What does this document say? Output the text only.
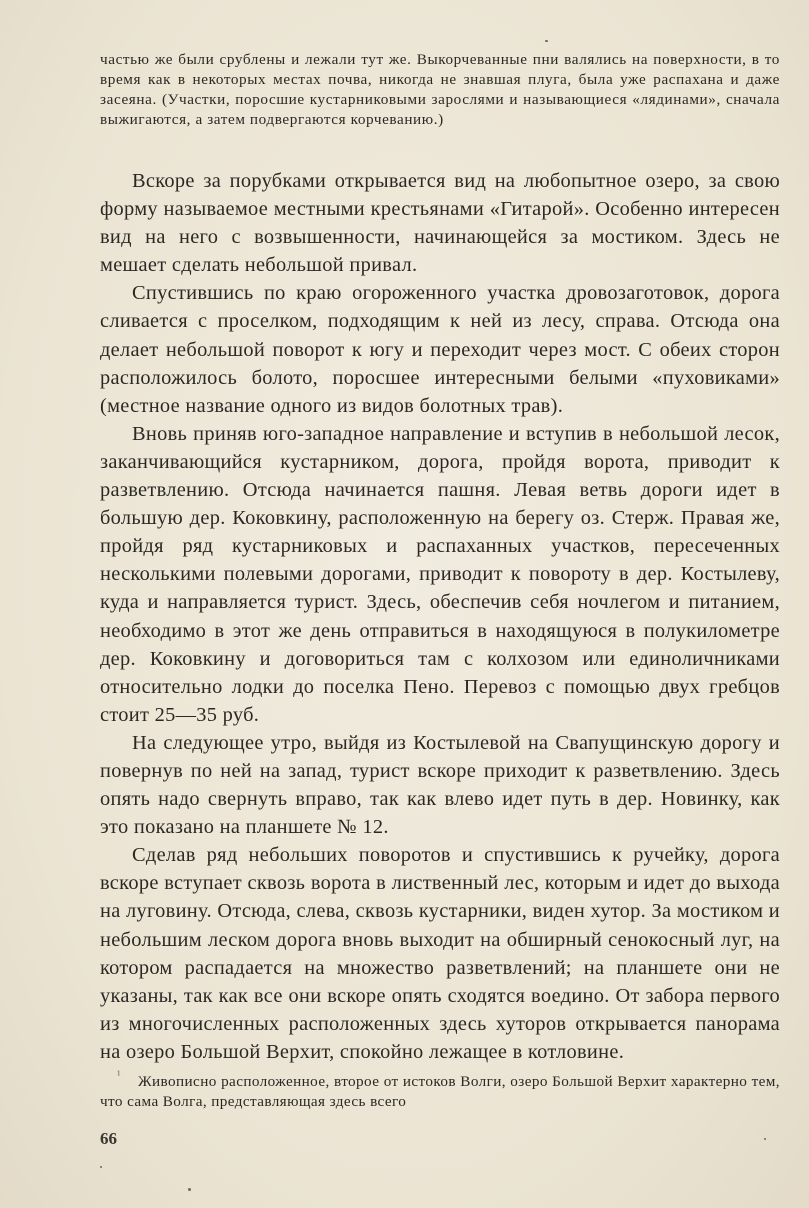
частью же были срублены и лежали тут же. Выкорчеванные пни валялись на поверхности, в то время как в некоторых местах почва, никогда не знавшая плуга, была уже распахана и даже засеяна. (Участки, поросшие кустарниковыми зарослями и называющиеся «лядинами», сначала выжигаются, а затем подвергаются корчеванию.)

Вскоре за порубками открывается вид на любопытное озеро, за свою форму называемое местными крестьянами «Гитарой». Особенно интересен вид на него с возвышенности, начинающейся за мостиком. Здесь не мешает сделать небольшой привал.

Спустившись по краю огороженного участка дровозаготовок, дорога сливается с проселком, подходящим к ней из лесу, справа. Отсюда она делает небольшой поворот к югу и переходит через мост. С обеих сторон расположилось болото, поросшее интересными белыми «пуховиками» (местное название одного из видов болотных трав).

Вновь приняв юго-западное направление и вступив в небольшой лесок, заканчивающийся кустарником, дорога, пройдя ворота, приводит к разветвлению. Отсюда начинается пашня. Левая ветвь дороги идет в большую дер. Коковкину, расположенную на берегу оз. Стерж. Правая же, пройдя ряд кустарниковых и распаханных участков, пересеченных несколькими полевыми дорогами, приводит к повороту в дер. Костылеву, куда и направляется турист. Здесь, обеспечив себя ночлегом и питанием, необходимо в этот же день отправиться в находящуюся в полукилометре дер. Коковкину и договориться там с колхозом или единоличниками относительно лодки до поселка Пено. Перевоз с помощью двух гребцов стоит 25—35 руб.

На следующее утро, выйдя из Костылевой на Свапущинскую дорогу и повернув по ней на запад, турист вскоре приходит к разветвлению. Здесь опять надо свернуть вправо, так как влево идет путь в дер. Новинку, как это показано на планшете № 12.

Сделав ряд небольших поворотов и спустившись к ручейку, дорога вскоре вступает сквозь ворота в лиственный лес, которым и идет до выхода на луговину. Отсюда, слева, сквозь кустарники, виден хутор. За мостиком и небольшим леском дорога вновь выходит на обширный сенокосный луг, на котором распадается на множество разветвлений; на планшете они не указаны, так как все они вскоре опять сходятся воедино. От забора первого из многочисленных расположенных здесь хуторов открывается панорама на озеро Большой Верхит, спокойно лежащее в котловине.

¹	Живописно расположенное, второе от истоков Волги, озеро Большой Верхит характерно тем, что сама Волга, представляющая здесь всего

66
